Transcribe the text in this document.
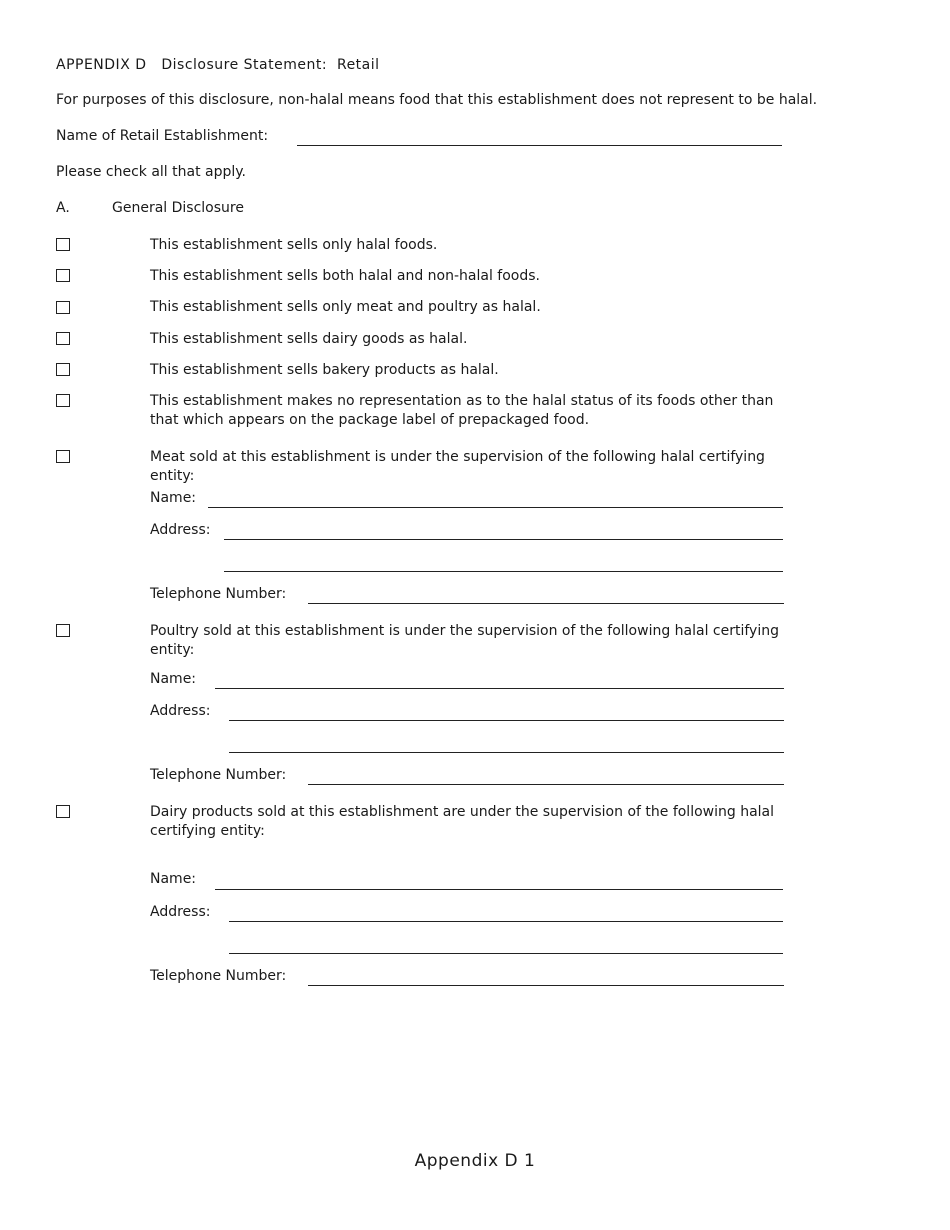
APPENDIX D Disclosure Statement: Retail
For purposes of this disclosure, non-halal means food that this establishment does not represent to be halal.
Name of Retail Establishment:
Please check all that apply.
A.	General Disclosure
This establishment sells only halal foods.
This establishment sells both halal and non-halal foods.
This establishment sells only meat and poultry as halal.
This establishment sells dairy goods as halal.
This establishment sells bakery products as halal.
This establishment makes no representation as to the halal status of its foods other than that which appears on the package label of prepackaged food.
Meat sold at this establishment is under the supervision of the following halal certifying entity:
Name:
Address:
Telephone Number:
Poultry sold at this establishment is under the supervision of the following halal certifying entity:
Name:
Address:
Telephone Number:
Dairy products sold at this establishment are under the supervision of the following halal certifying entity:
Name:
Address:
Telephone Number:
Appendix D 1
